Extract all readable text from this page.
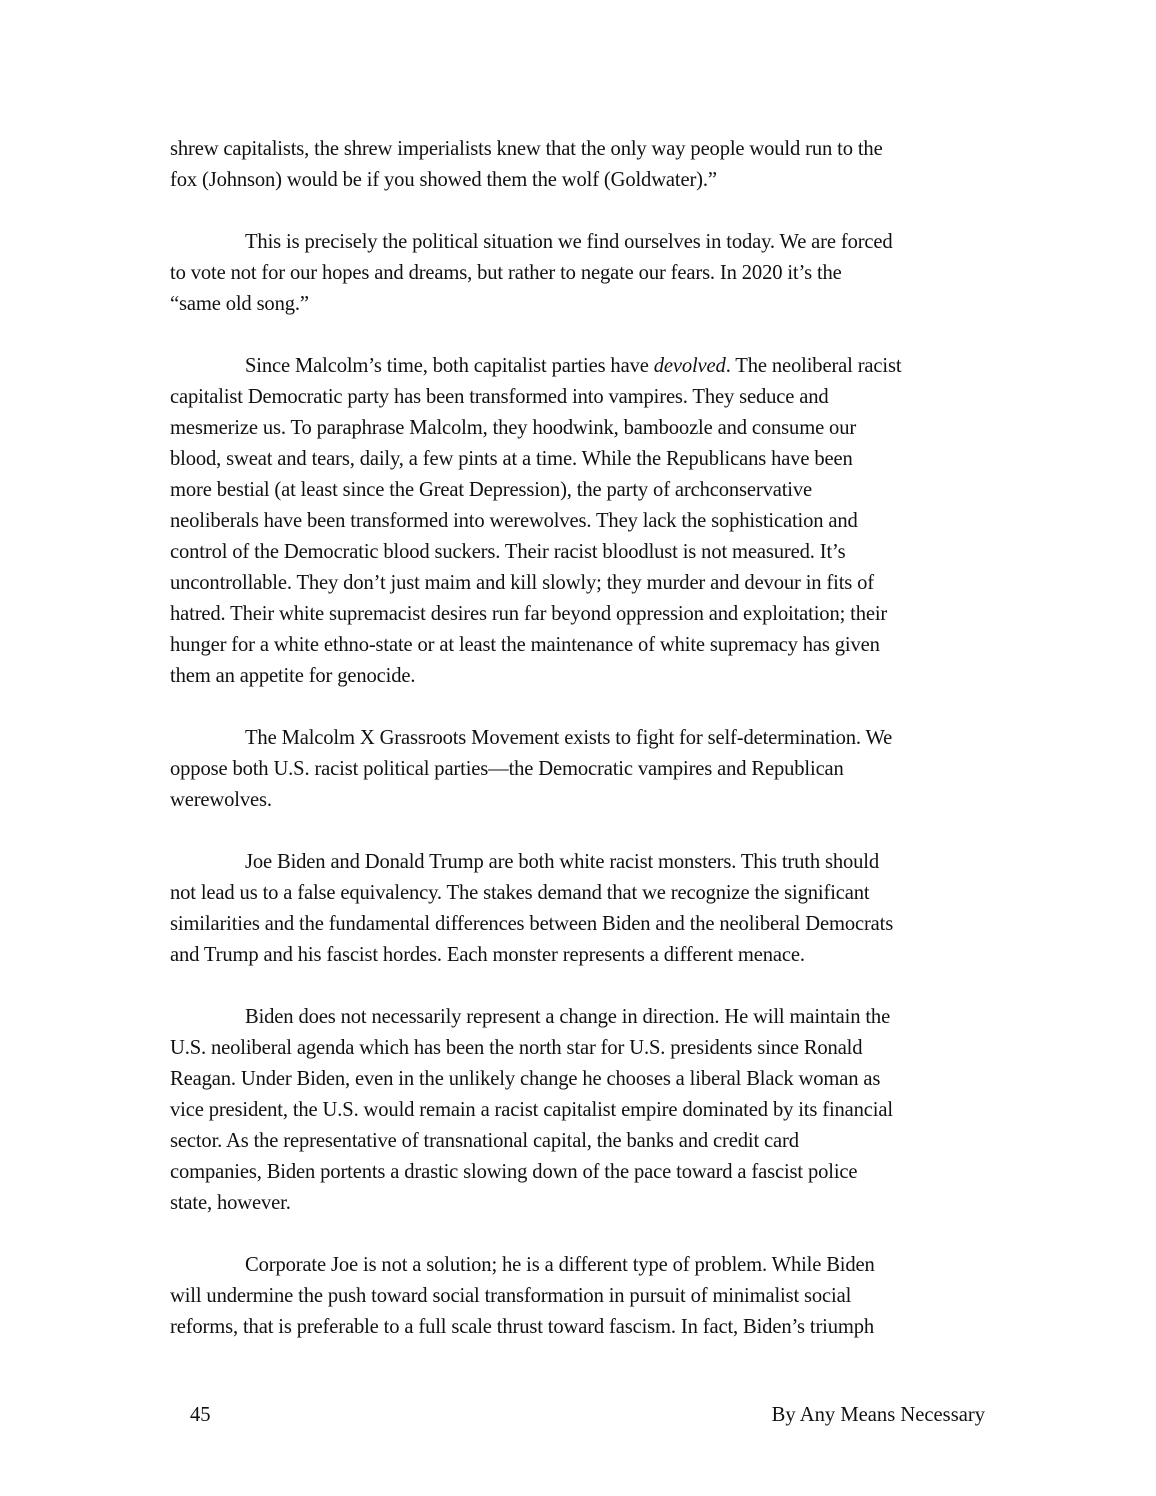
shrew capitalists, the shrew imperialists knew that the only way people would run to the
fox (Johnson) would be if you showed them the wolf (Goldwater).”
This is precisely the political situation we find ourselves in today. We are forced
to vote not for our hopes and dreams, but rather to negate our fears. In 2020 it’s the
“same old song.”
Since Malcolm’s time, both capitalist parties have devolved. The neoliberal racist
capitalist Democratic party has been transformed into vampires. They seduce and
mesmerize us. To paraphrase Malcolm, they hoodwink, bamboozle and consume our
blood, sweat and tears, daily, a few pints at a time. While the Republicans have been
more bestial (at least since the Great Depression), the party of archconservative
neoliberals have been transformed into werewolves. They lack the sophistication and
control of the Democratic blood suckers. Their racist bloodlust is not measured. It’s
uncontrollable. They don’t just maim and kill slowly; they murder and devour in fits of
hatred. Their white supremacist desires run far beyond oppression and exploitation; their
hunger for a white ethno-state or at least the maintenance of white supremacy has given
them an appetite for genocide.
The Malcolm X Grassroots Movement exists to fight for self-determination. We
oppose both U.S. racist political parties—the Democratic vampires and Republican
werewolves.
Joe Biden and Donald Trump are both white racist monsters. This truth should
not lead us to a false equivalency. The stakes demand that we recognize the significant
similarities and the fundamental differences between Biden and the neoliberal Democrats
and Trump and his fascist hordes. Each monster represents a different menace.
Biden does not necessarily represent a change in direction. He will maintain the
U.S. neoliberal agenda which has been the north star for U.S. presidents since Ronald
Reagan. Under Biden, even in the unlikely change he chooses a liberal Black woman as
vice president, the U.S. would remain a racist capitalist empire dominated by its financial
sector. As the representative of transnational capital, the banks and credit card
companies, Biden portents a drastic slowing down of the pace toward a fascist police
state, however.
Corporate Joe is not a solution; he is a different type of problem. While Biden
will undermine the push toward social transformation in pursuit of minimalist social
reforms, that is preferable to a full scale thrust toward fascism. In fact, Biden’s triumph
45	By Any Means Necessary
